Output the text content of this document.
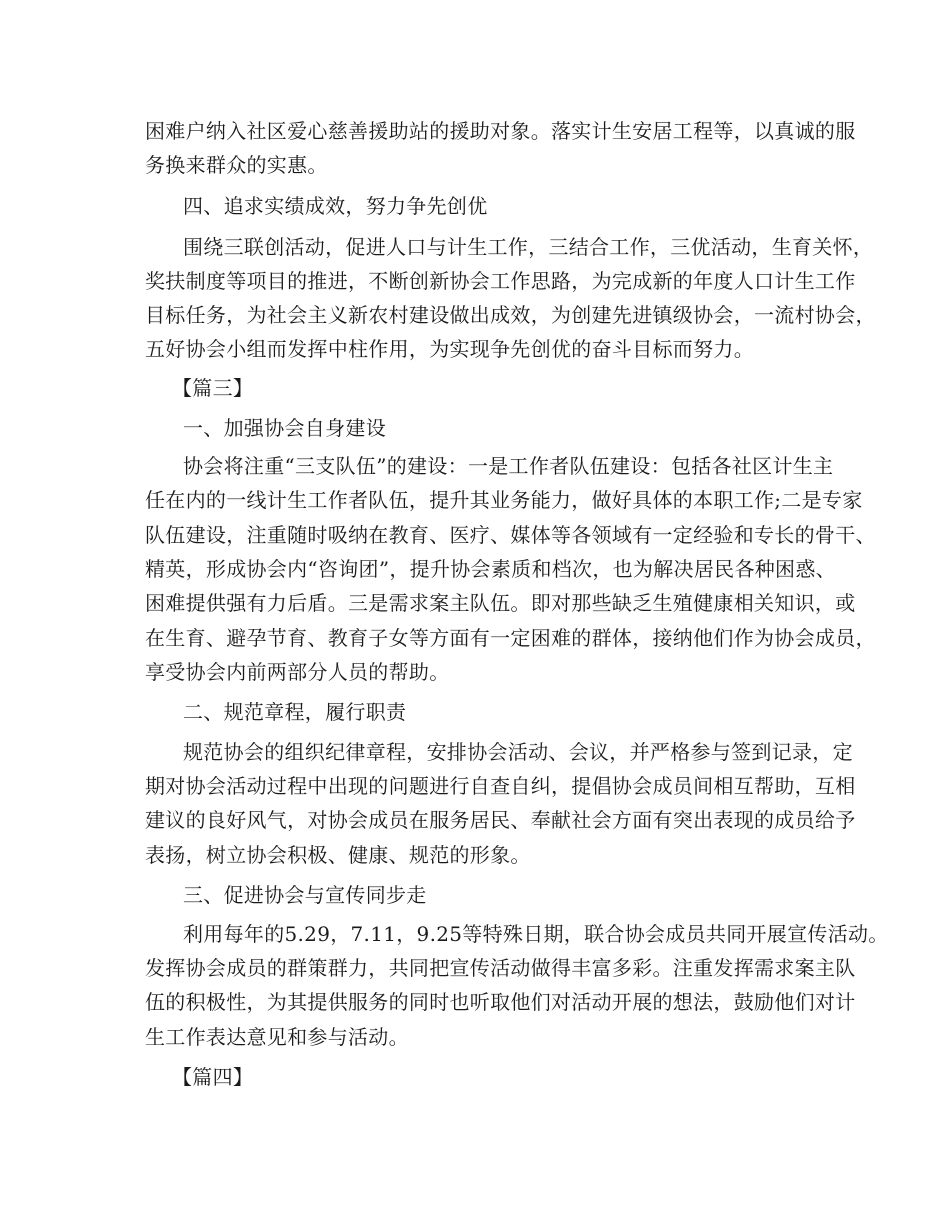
困难户纳入社区爱心慈善援助站的援助对象。落实计生安居工程等，以真诚的服
务换来群众的实惠。
四、追求实绩成效，努力争先创优
围绕三联创活动，促进人口与计生工作，三结合工作，三优活动，生育关怀，
奖扶制度等项目的推进，不断创新协会工作思路，为完成新的年度人口计生工作
目标任务，为社会主义新农村建设做出成效，为创建先进镇级协会，一流村协会，
五好协会小组而发挥中柱作用，为实现争先创优的奋斗目标而努力。
【篇三】
一、加强协会自身建设
协会将注重“三支队伍”的建设：一是工作者队伍建设：包括各社区计生主
任在内的一线计生工作者队伍，提升其业务能力，做好具体的本职工作;二是专家
队伍建设，注重随时吸纳在教育、医疗、媒体等各领域有一定经验和专长的骨干、
精英，形成协会内“咨询团”，提升协会素质和档次，也为解决居民各种困惑、
困难提供强有力后盾。三是需求案主队伍。即对那些缺乏生殖健康相关知识，或
在生育、避孕节育、教育子女等方面有一定困难的群体，接纳他们作为协会成员，
享受协会内前两部分人员的帮助。
二、规范章程，履行职责
规范协会的组织纪律章程，安排协会活动、会议，并严格参与签到记录，定
期对协会活动过程中出现的问题进行自查自纠，提倡协会成员间相互帮助，互相
建议的良好风气，对协会成员在服务居民、奉献社会方面有突出表现的成员给予
表扬，树立协会积极、健康、规范的形象。
三、促进协会与宣传同步走
利用每年的5.29，7.11，9.25等特殊日期，联合协会成员共同开展宣传活动。
发挥协会成员的群策群力，共同把宣传活动做得丰富多彩。注重发挥需求案主队
伍的积极性，为其提供服务的同时也听取他们对活动开展的想法，鼓励他们对计
生工作表达意见和参与活动。
【篇四】
